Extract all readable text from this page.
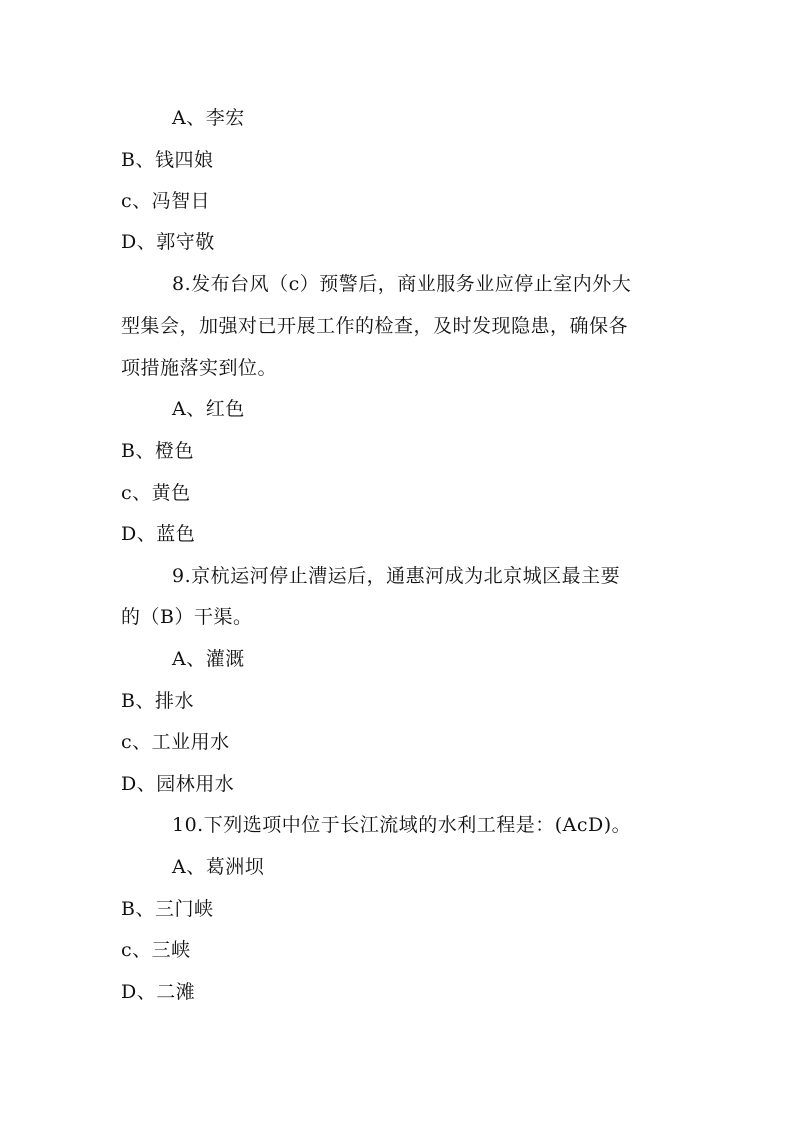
A、李宏
B、钱四娘
c、冯智日
D、郭守敬
8.发布台风（c）预警后，商业服务业应停止室内外大
型集会，加强对已开展工作的检查，及时发现隐患，确保各
项措施落实到位。
A、红色
B、橙色
c、黄色
D、蓝色
9.京杭运河停止漕运后，通惠河成为北京城区最主要
的（B）干渠。
A、灌溉
B、排水
c、工业用水
D、园林用水
10.下列选项中位于长江流域的水利工程是：(AcD)。
A、葛洲坝
B、三门峡
c、三峡
D、二滩
